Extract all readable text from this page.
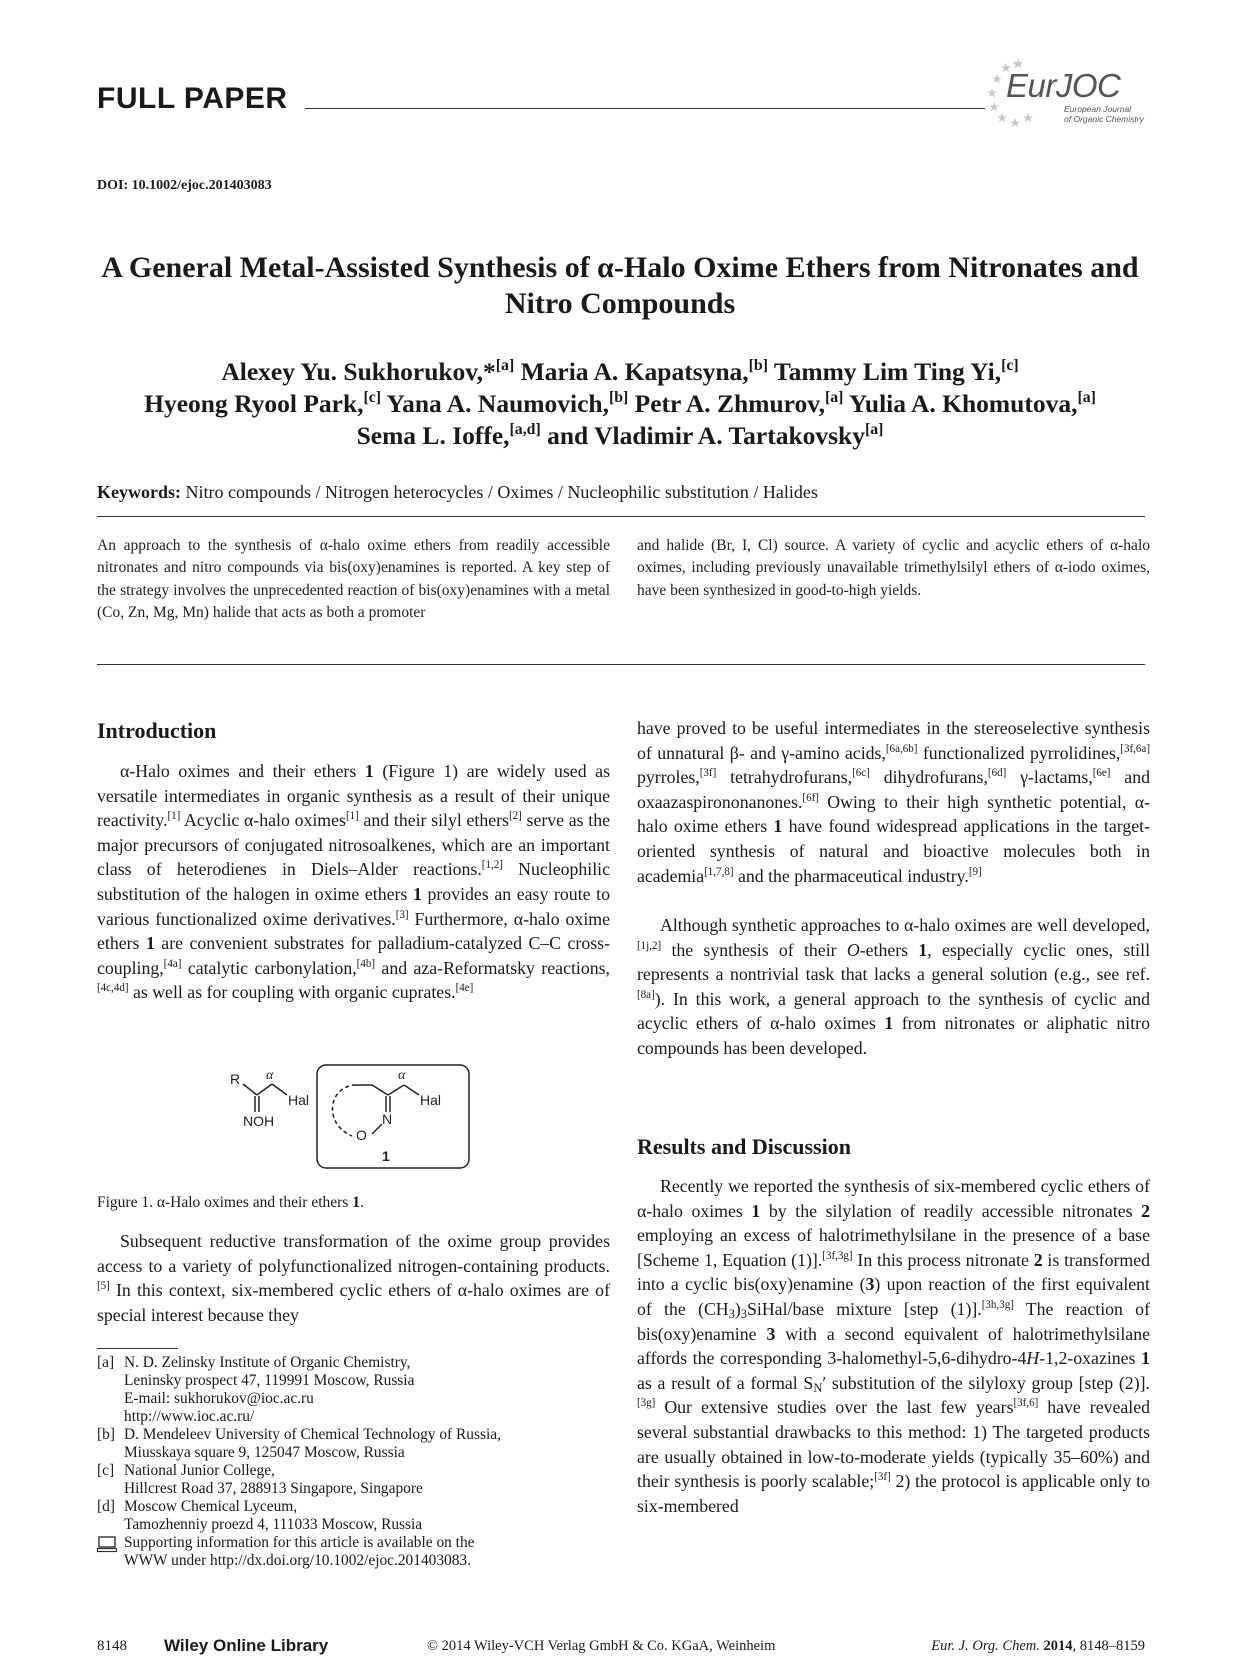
FULL PAPER	EurJOC
European Journal
of Organic Chemistry
DOI: 10.1002/ejoc.201403083
A General Metal-Assisted Synthesis of α-Halo Oxime Ethers from Nitronates and Nitro Compounds
Alexey Yu. Sukhorukov,*[a] Maria A. Kapatsyna,[b] Tammy Lim Ting Yi,[c]
Hyeong Ryool Park,[c] Yana A. Naumovich,[b] Petr A. Zhmurov,[a] Yulia A. Khomutova,[a]
Sema L. Ioffe,[a,d] and Vladimir A. Tartakovsky[a]
Keywords: Nitro compounds / Nitrogen heterocycles / Oximes / Nucleophilic substitution / Halides
An approach to the synthesis of α-halo oxime ethers from readily accessible nitronates and nitro compounds via bis(oxy)enamines is reported. A key step of the strategy involves the unprecedented reaction of bis(oxy)enamines with a metal (Co, Zn, Mg, Mn) halide that acts as both a promoter
and halide (Br, I, Cl) source. A variety of cyclic and acyclic ethers of α-halo oximes, including previously unavailable trimethylsilyl ethers of α-iodo oximes, have been synthesized in good-to-high yields.
Introduction

α-Halo oximes and their ethers 1 (Figure 1) are widely used as versatile intermediates in organic synthesis as a result of their unique reactivity.[1] Acyclic α-halo oximes[1] and their silyl ethers[2] serve as the major precursors of conjugated nitrosoalkenes, which are an important class of heterodienes in Diels–Alder reactions.[1,2] Nucleophilic substitution of the halogen in oxime ethers 1 provides an easy route to various functionalized oxime derivatives.[3] Furthermore, α-halo oxime ethers 1 are convenient substrates for palladium-catalyzed C–C cross-coupling,[4a] catalytic carbonylation,[4b] and aza-Reformatsky reactions,[4c,4d] as well as for coupling with organic cuprates.[4e]

R α
Hal
NOH
α
Hal
N
O
1
Figure 1. α-Halo oximes and their ethers 1.

Subsequent reductive transformation of the oxime group provides access to a variety of polyfunctionalized nitrogen-containing products.[5] In this context, six-membered cyclic ethers of α-halo oximes are of special interest because they

[a] N. D. Zelinsky Institute of Organic Chemistry,
Leninsky prospect 47, 119991 Moscow, Russia
E-mail: sukhorukov@ioc.ac.ru
http://www.ioc.ac.ru/
[b] D. Mendeleev University of Chemical Technology of Russia,
Miusskaya square 9, 125047 Moscow, Russia
[c] National Junior College,
Hillcrest Road 37, 288913 Singapore, Singapore
[d] Moscow Chemical Lyceum,
Tamozhenniy proezd 4, 111033 Moscow, Russia
Supporting information for this article is available on the
WWW under http://dx.doi.org/10.1002/ejoc.201403083.

have proved to be useful intermediates in the stereoselective synthesis of unnatural β- and γ-amino acids,[6a,6b] functionalized pyrrolidines,[3f,6a] pyrroles,[3f] tetrahydrofurans,[6c] dihydrofurans,[6d] γ-lactams,[6e] and oxaazaspirononanones.[6f] Owing to their high synthetic potential, α-halo oxime ethers 1 have found widespread applications in the target-oriented synthesis of natural and bioactive molecules both in academia[1,7,8] and the pharmaceutical industry.[9]

Although synthetic approaches to α-halo oximes are well developed,[1j,2] the synthesis of their O-ethers 1, especially cyclic ones, still represents a nontrivial task that lacks a general solution (e.g., see ref.[8a]). In this work, a general approach to the synthesis of cyclic and acyclic ethers of α-halo oximes 1 from nitronates or aliphatic nitro compounds has been developed.

Results and Discussion

Recently we reported the synthesis of six-membered cyclic ethers of α-halo oximes 1 by the silylation of readily accessible nitronates 2 employing an excess of halotrimethylsilane in the presence of a base [Scheme 1, Equation (1)].[3f,3g] In this process nitronate 2 is transformed into a cyclic bis(oxy)enamine (3) upon reaction of the first equivalent of the $(CH_3)_3SiHal$/base mixture [step (1)].[3h,3g] The reaction of bis(oxy)enamine 3 with a second equivalent of halotrimethylsilane affords the corresponding 3-halomethyl-5,6-dihydro-4H-1,2-oxazines 1 as a result of a formal $S_N'$ substitution of the silyloxy group [step (2)].[3g] Our extensive studies over the last few years[3f,6] have revealed several substantial drawbacks to this method: 1) The targeted products are usually obtained in low-to-moderate yields (typically 35–60%) and their synthesis is poorly scalable;[3f] 2) the protocol is applicable only to six-membered

8148 Wiley Online Library	© 2014 Wiley-VCH Verlag GmbH & Co. KGaA, Weinheim	Eur. J. Org. Chem. 2014, 8148–8159
